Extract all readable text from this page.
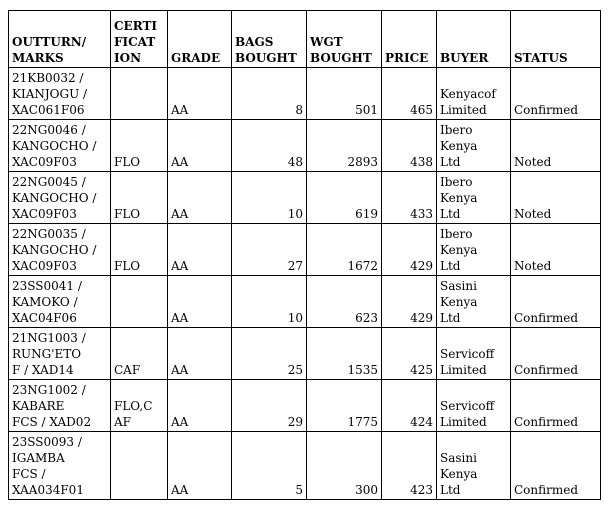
OUTTURN/
MARKS	CERTI
FICAT
ION	GRADE	BAGS
BOUGHT	WGT
BOUGHT	PRICE	BUYER	STATUS

21KB0032 /
KIANJOGU /
XAC061F06		AA	8	501	465	Kenyacof
Limited	Confirmed

22NG0046 /
KANGOCHO /
XAC09F03	FLO	AA	48	2893	438	Ibero
Kenya
Ltd	Noted

22NG0045 /
KANGOCHO /
XAC09F03	FLO	AA	10	619	433	Ibero
Kenya
Ltd	Noted

22NG0035 /
KANGOCHO /
XAC09F03	FLO	AA	27	1672	429	Ibero
Kenya
Ltd	Noted

23SS0041 /
KAMOKO /
XAC04F06		AA	10	623	429	Sasini
Kenya
Ltd	Confirmed

21NG1003 /
RUNG'ETO
F / XAD14	CAF	AA	25	1535	425	Servicoff
Limited	Confirmed

23NG1002 /
KABARE
FCS / XAD02	FLO,C
AF	AA	29	1775	424	Servicoff
Limited	Confirmed

23SS0093 /
IGAMBA
FCS /
XAA034F01		AA	5	300	423	Sasini
Kenya
Ltd	Confirmed
